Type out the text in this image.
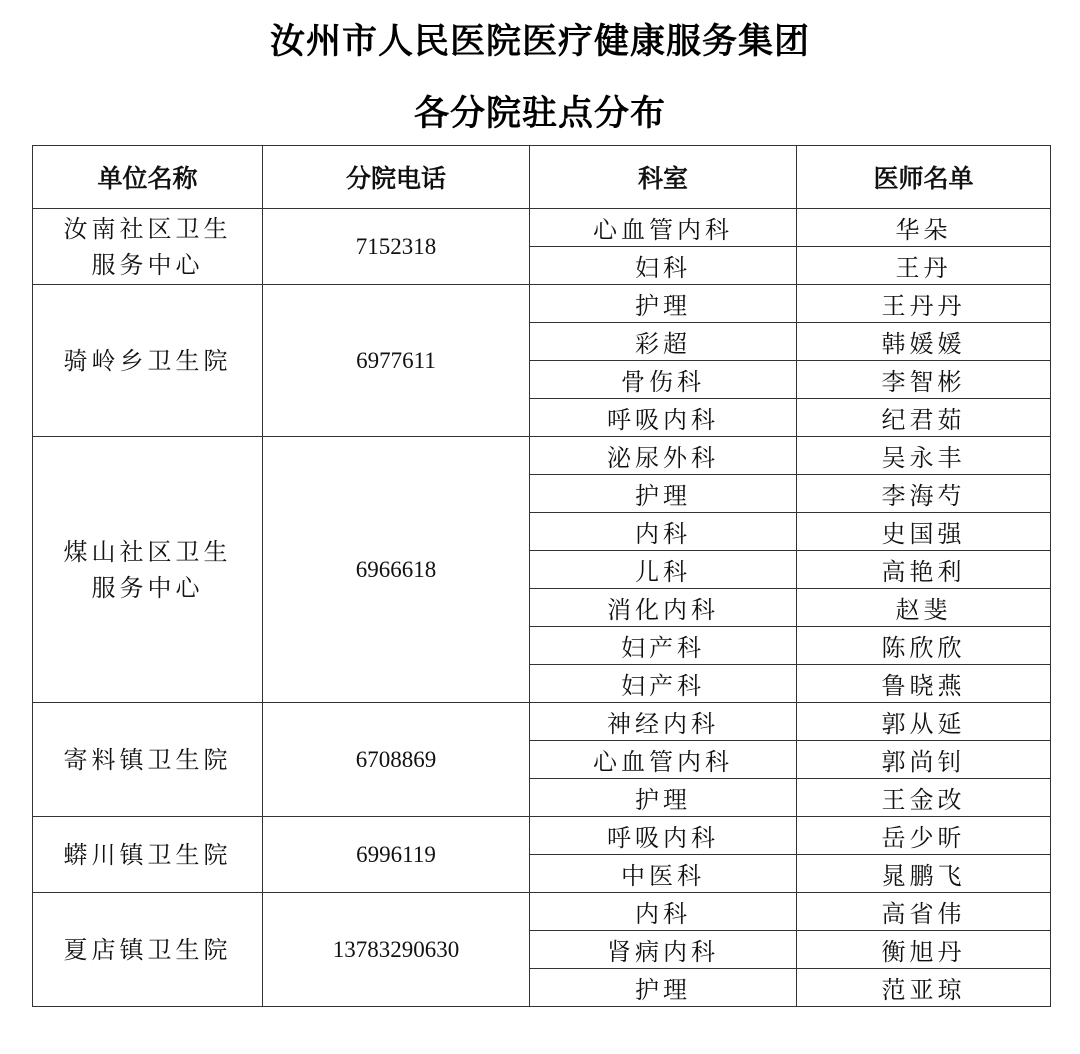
汝州市人民医院医疗健康服务集团
各分院驻点分布
单位名称	分院电话	科室	医师名单
汝南社区卫生服务中心	7152318	心血管内科	华朵
		妇科	王丹
骑岭乡卫生院	6977611	护理	王丹丹
		彩超	韩媛媛
		骨伤科	李智彬
		呼吸内科	纪君茹
煤山社区卫生服务中心	6966618	泌尿外科	吴永丰
		护理	李海芍
		内科	史国强
		儿科	高艳利
		消化内科	赵斐
		妇产科	陈欣欣
		妇产科	鲁晓燕
寄料镇卫生院	6708869	神经内科	郭从延
		心血管内科	郭尚钊
		护理	王金改
蟒川镇卫生院	6996119	呼吸内科	岳少昕
		中医科	晁鹏飞
夏店镇卫生院	13783290630	内科	高省伟
		肾病内科	衡旭丹
		护理	范亚琼
